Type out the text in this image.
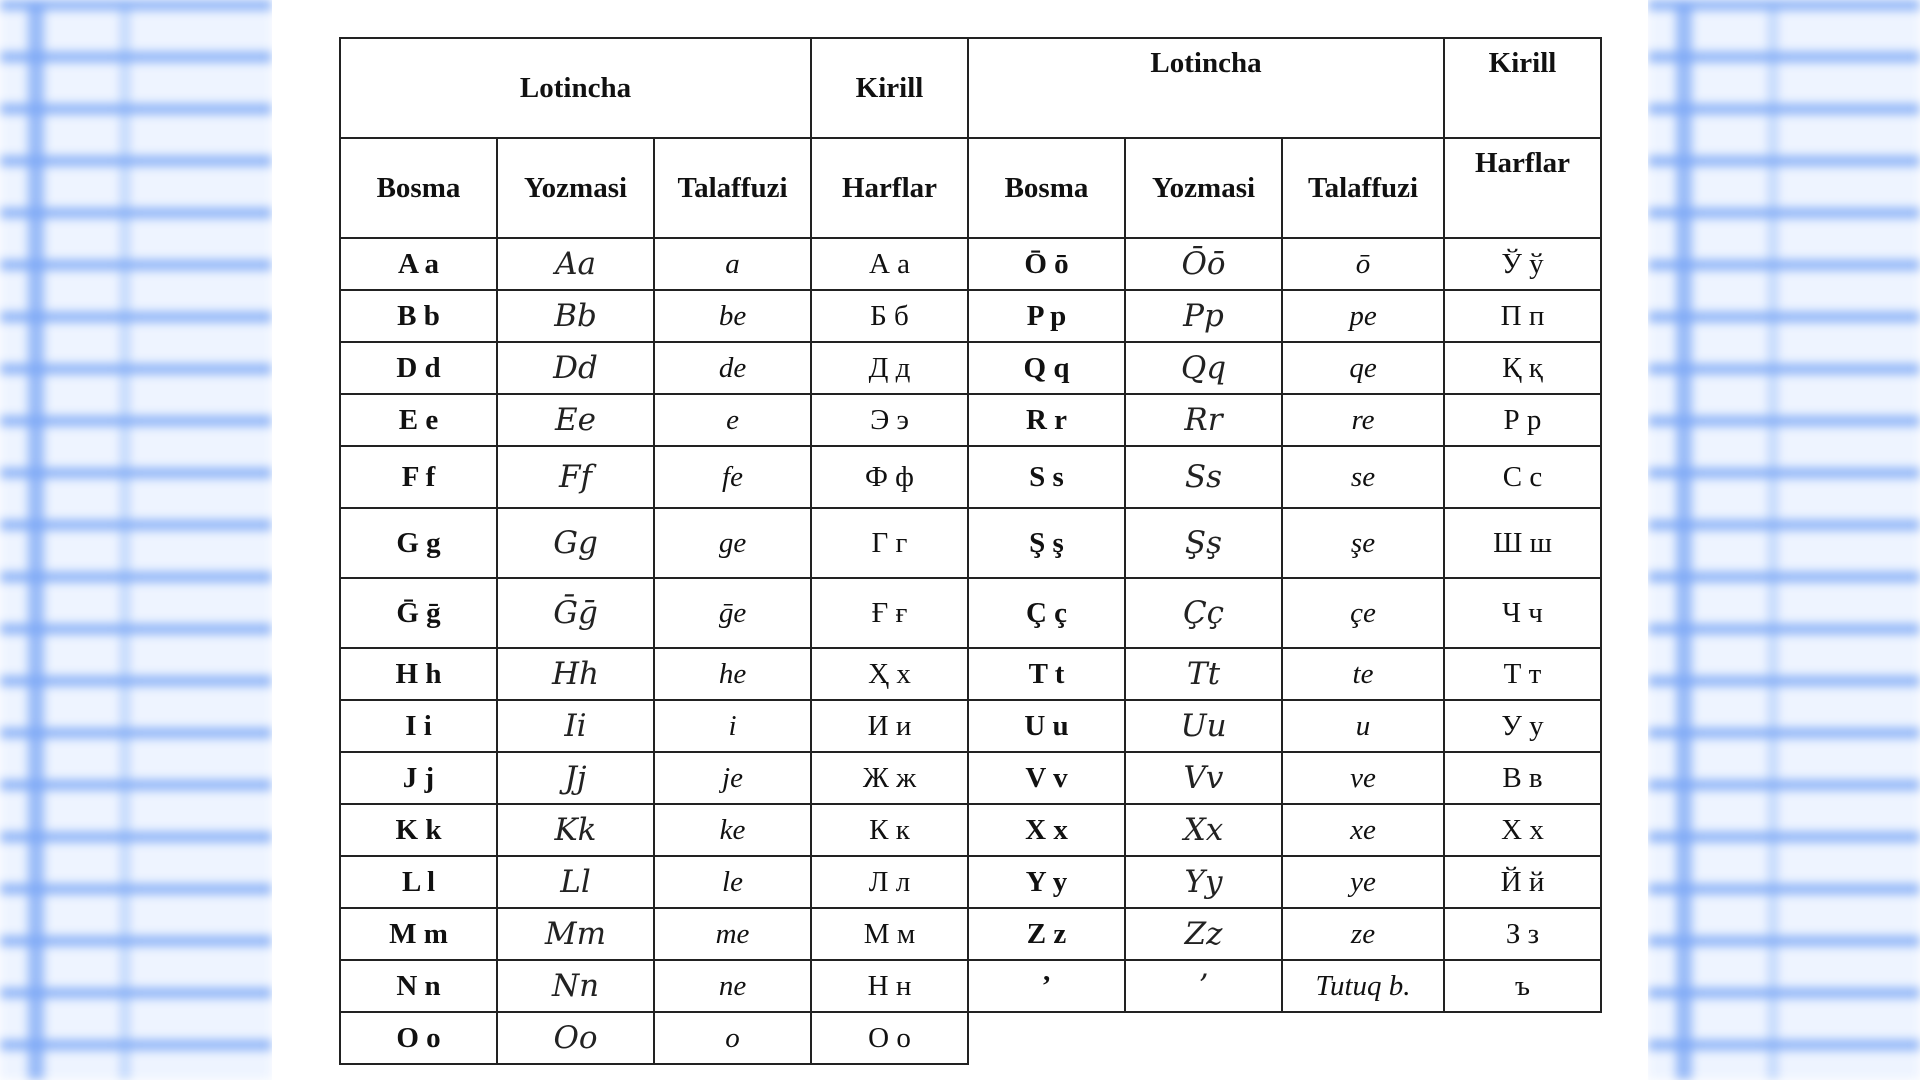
Lotincha			Kirill	Lotincha			Kirill
Bosma	Yozmasi	Talaffuzi	Harflar	Bosma	Yozmasi	Talaffuzi	Harflar
A a	Aa	a	А а	Ō ō	Ōō	ō	Ў ў
B b	Bb	be	Б б	P p	Pp	pe	П п
D d	Dd	de	Д д	Q q	Qq	qe	Қ қ
E e	Ee	e	Э э	R r	Rr	re	Р р
F f	Ff	fe	Ф ф	S s	Ss	se	С с
G g	Gg	ge	Г г	Ş ş	Şş	şe	Ш ш
Ḡ ḡ	Ḡḡ	ḡe	Ғ ғ	Ç ç	Çç	çe	Ч ч
H h	Hh	he	Ҳ х	T t	Tt	te	Т т
I i	Ii	i	И и	U u	Uu	u	У у
J j	Jj	je	Ж ж	V v	Vv	ve	В в
K k	Kk	ke	К к	X x	Xx	xe	Х х
L l	Ll	le	Л л	Y y	Yy	ye	Й й
M m	Mm	me	М м	Z z	Zz	ze	З з
N n	Nn	ne	Н н	’	’	Tutuq b.	ъ
O o	Oo	o	О о				
